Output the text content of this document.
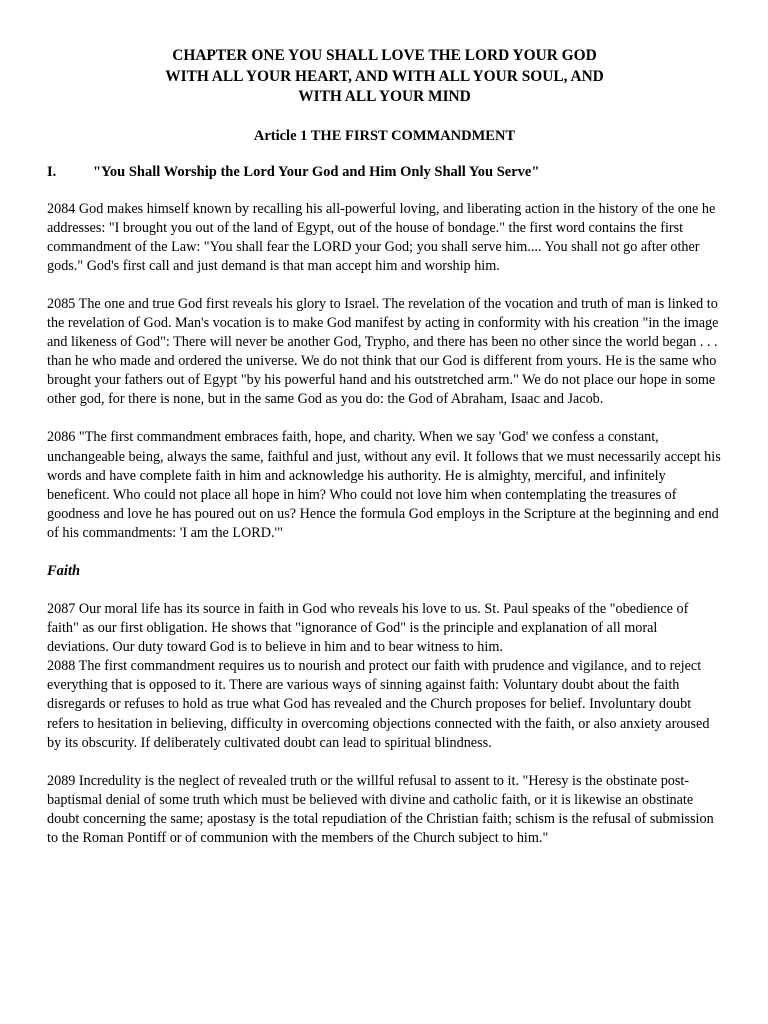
CHAPTER ONE YOU SHALL LOVE THE LORD YOUR GOD
WITH ALL YOUR HEART, AND WITH ALL YOUR SOUL, AND
WITH ALL YOUR MIND
Article 1 THE FIRST COMMANDMENT
I.	"You Shall Worship the Lord Your God and Him Only Shall You Serve"

2084 God makes himself known by recalling his all-powerful loving, and liberating action in the history of the one he addresses: "I brought you out of the land of Egypt, out of the house of bondage." the first word contains the first commandment of the Law: "You shall fear the LORD your God; you shall serve him.... You shall not go after other gods." God's first call and just demand is that man accept him and worship him.

2085 The one and true God first reveals his glory to Israel. The revelation of the vocation and truth of man is linked to the revelation of God. Man's vocation is to make God manifest by acting in conformity with his creation "in the image and likeness of God": There will never be another God, Trypho, and there has been no other since the world began . . . than he who made and ordered the universe. We do not think that our God is different from yours. He is the same who brought your fathers out of Egypt "by his powerful hand and his outstretched arm." We do not place our hope in some other god, for there is none, but in the same God as you do: the God of Abraham, Isaac and Jacob.

2086 "The first commandment embraces faith, hope, and charity. When we say 'God' we confess a constant, unchangeable being, always the same, faithful and just, without any evil. It follows that we must necessarily accept his words and have complete faith in him and acknowledge his authority. He is almighty, merciful, and infinitely beneficent. Who could not place all hope in him? Who could not love him when contemplating the treasures of goodness and love he has poured out on us? Hence the formula God employs in the Scripture at the beginning and end of his commandments: 'I am the LORD.'"

Faith

2087 Our moral life has its source in faith in God who reveals his love to us. St. Paul speaks of the "obedience of faith" as our first obligation. He shows that "ignorance of God" is the principle and explanation of all moral deviations. Our duty toward God is to believe in him and to bear witness to him.

2088 The first commandment requires us to nourish and protect our faith with prudence and vigilance, and to reject everything that is opposed to it. There are various ways of sinning against faith: Voluntary doubt about the faith disregards or refuses to hold as true what God has revealed and the Church proposes for belief. Involuntary doubt refers to hesitation in believing, difficulty in overcoming objections connected with the faith, or also anxiety aroused by its obscurity. If deliberately cultivated doubt can lead to spiritual blindness.

2089 Incredulity is the neglect of revealed truth or the willful refusal to assent to it. "Heresy is the obstinate post-baptismal denial of some truth which must be believed with divine and catholic faith, or it is likewise an obstinate doubt concerning the same; apostasy is the total repudiation of the Christian faith; schism is the refusal of submission to the Roman Pontiff or of communion with the members of the Church subject to him."
